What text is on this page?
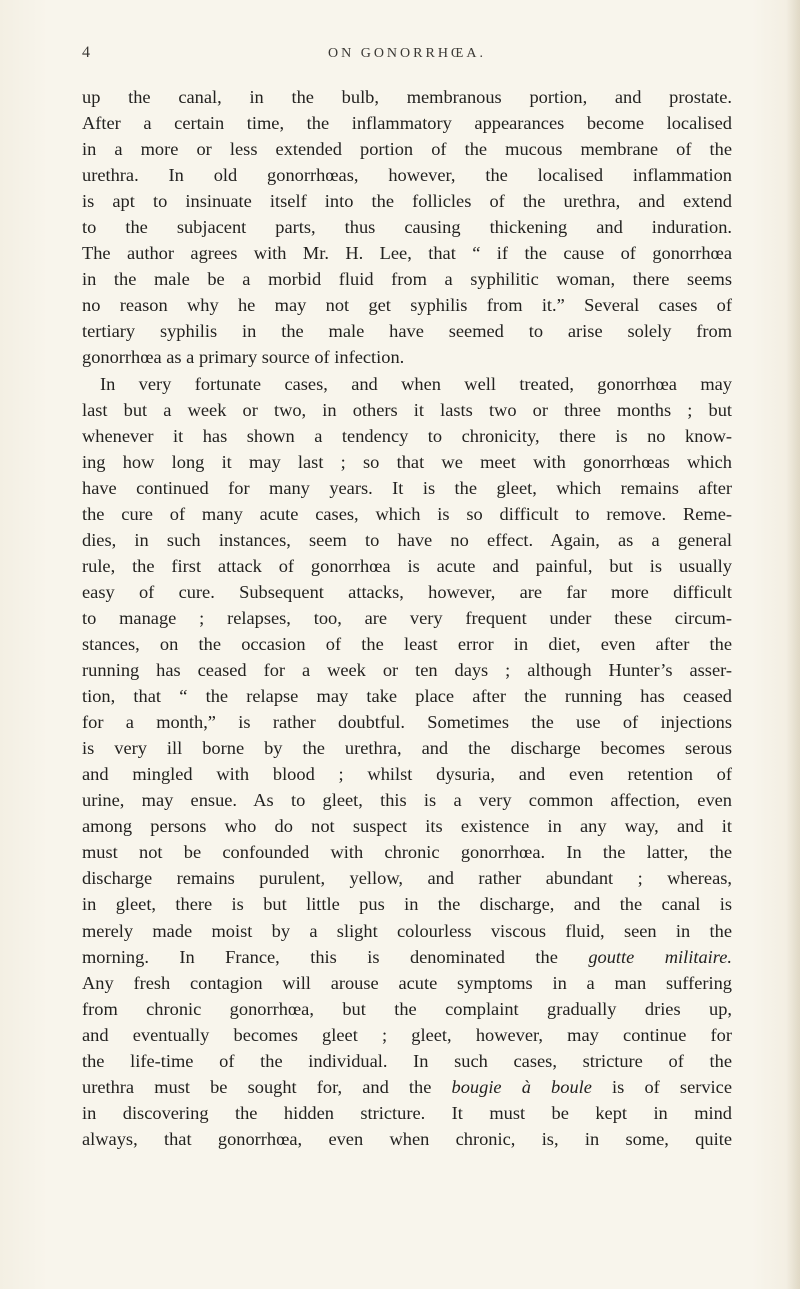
4	ON GONORRHŒA.
up the canal, in the bulb, membranous portion, and prostate.
After a certain time, the inflammatory appearances become localised
in a more or less extended portion of the mucous membrane of the
urethra. In old gonorrhœas, however, the localised inflammation
is apt to insinuate itself into the follicles of the urethra, and extend
to the subjacent parts, thus causing thickening and induration.
The author agrees with Mr. H. Lee, that “ if the cause of gonorrhœa
in the male be a morbid fluid from a syphilitic woman, there seems
no reason why he may not get syphilis from it.” Several cases of
tertiary syphilis in the male have seemed to arise solely from
gonorrhœa as a primary source of infection.
In very fortunate cases, and when well treated, gonorrhœa may
last but a week or two, in others it lasts two or three months ; but
whenever it has shown a tendency to chronicity, there is no know-
ing how long it may last ; so that we meet with gonorrhœas which
have continued for many years. It is the gleet, which remains after
the cure of many acute cases, which is so difficult to remove. Reme-
dies, in such instances, seem to have no effect. Again, as a general
rule, the first attack of gonorrhœa is acute and painful, but is usually
easy of cure. Subsequent attacks, however, are far more difficult
to manage ; relapses, too, are very frequent under these circum-
stances, on the occasion of the least error in diet, even after the
running has ceased for a week or ten days ; although Hunter’s asser-
tion, that “ the relapse may take place after the running has ceased
for a month,” is rather doubtful. Sometimes the use of injections
is very ill borne by the urethra, and the discharge becomes serous
and mingled with blood ; whilst dysuria, and even retention of
urine, may ensue. As to gleet, this is a very common affection, even
among persons who do not suspect its existence in any way, and it
must not be confounded with chronic gonorrhœa. In the latter, the
discharge remains purulent, yellow, and rather abundant ; whereas,
in gleet, there is but little pus in the discharge, and the canal is
merely made moist by a slight colourless viscous fluid, seen in the
morning. In France, this is denominated the goutte militaire.
Any fresh contagion will arouse acute symptoms in a man suffering
from chronic gonorrhœa, but the complaint gradually dries up,
and eventually becomes gleet ; gleet, however, may continue for
the life-time of the individual. In such cases, stricture of the
urethra must be sought for, and the bougie à boule is of service
in discovering the hidden stricture. It must be kept in mind
always, that gonorrhœa, even when chronic, is, in some, quite
